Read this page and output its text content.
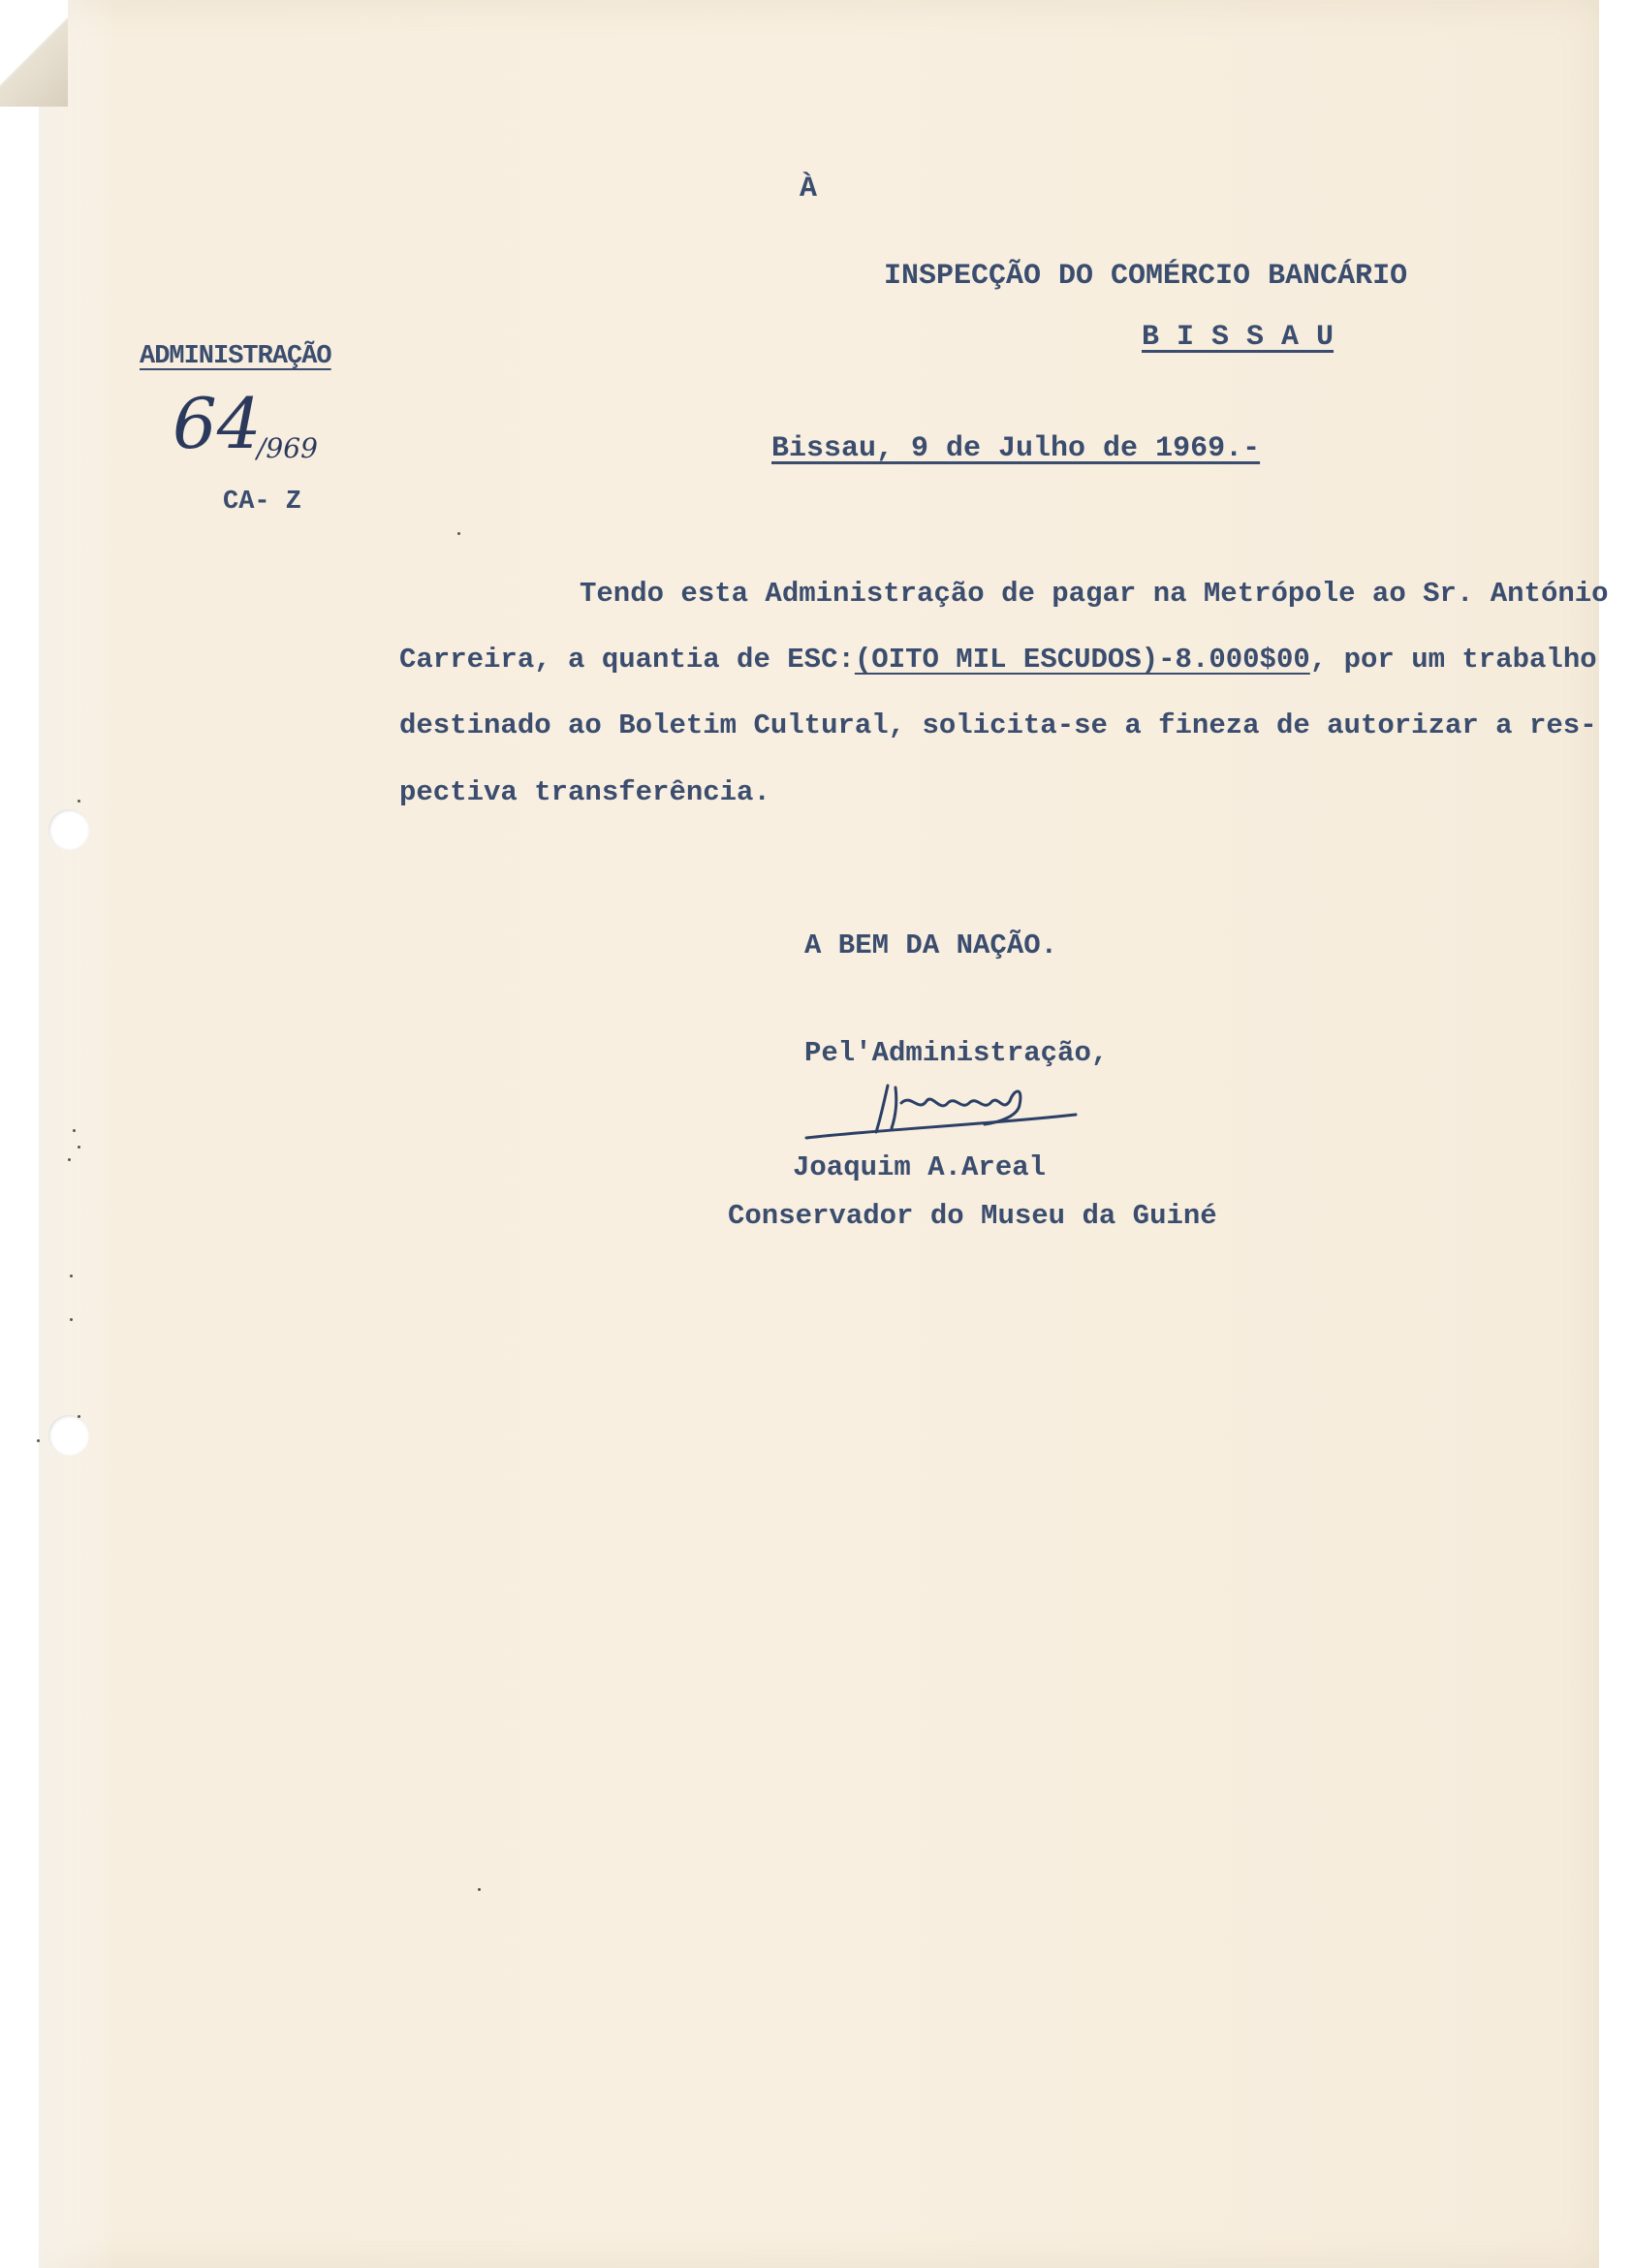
À

INSPECÇÃO DO COMÉRCIO BANCÁRIO

B I S S A U

ADMINISTRAÇÃO

64
/969

CA- Z

Bissau, 9 de Julho de 1969.-

Tendo esta Administração de pagar na Metrópole ao Sr. António

Carreira, a quantia de ESC:(OITO MIL ESCUDOS)-8.000$00, por um trabalho

destinado ao Boletim Cultural, solicita-se a fineza de autorizar a res-

pectiva transferência.

A BEM DA NAÇÃO.

Pel'Administração,

Joaquim A.Areal

Conservador do Museu da Guiné
